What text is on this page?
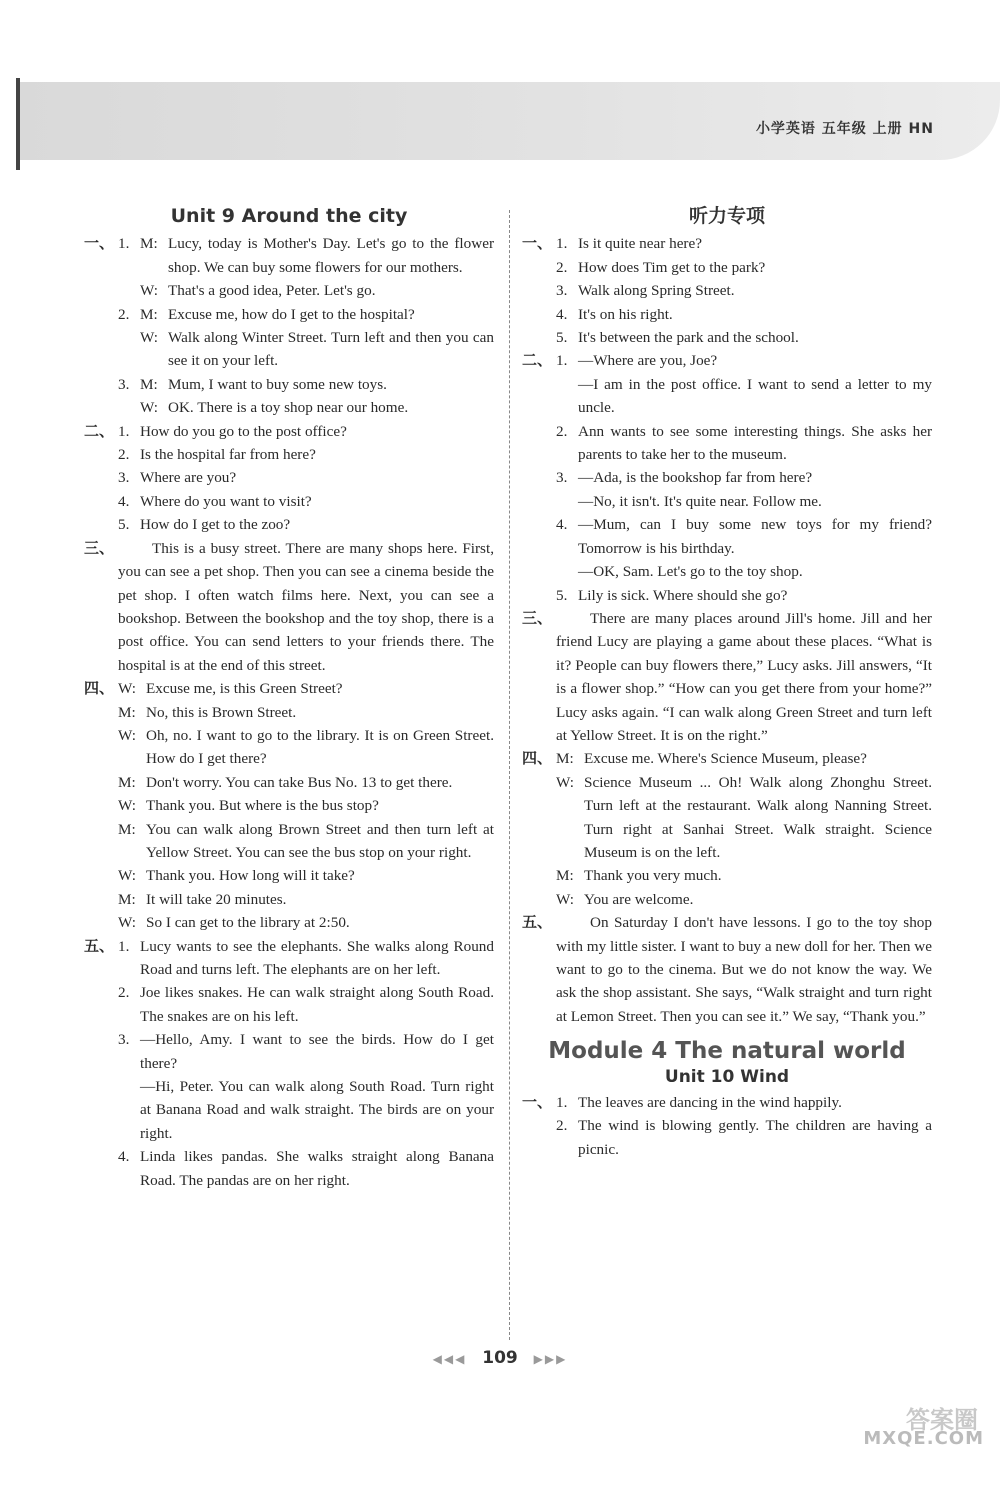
小学英语 五年级 上册 HN
Unit 9 Around the city
一、 1. M: Lucy, today is Mother's Day. Let's go to the flower shop. We can buy some flowers for our mothers.
W: That's a good idea, Peter. Let's go.
2. M: Excuse me, how do I get to the hospital?
W: Walk along Winter Street. Turn left and then you can see it on your left.
3. M: Mum, I want to buy some new toys.
W: OK. There is a toy shop near our home.
二、 1. How do you go to the post office?
2. Is the hospital far from here?
3. Where are you?
4. Where do you want to visit?
5. How do I get to the zoo?
三、	This is a busy street. There are many shops here. First, you can see a pet shop. Then you can see a cinema beside the pet shop. I often watch films here. Next, you can see a bookshop. Between the bookshop and the toy shop, there is a post office. You can send letters to your friends there. The hospital is at the end of this street.
四、 W: Excuse me, is this Green Street?
M: No, this is Brown Street.
W: Oh, no. I want to go to the library. It is on Green Street. How do I get there?
M: Don't worry. You can take Bus No. 13 to get there.
W: Thank you. But where is the bus stop?
M: You can walk along Brown Street and then turn left at Yellow Street. You can see the bus stop on your right.
W: Thank you. How long will it take?
M: It will take 20 minutes.
W: So I can get to the library at 2:50.
五、 1. Lucy wants to see the elephants. She walks along Round Road and turns left. The elephants are on her left.
2. Joe likes snakes. He can walk straight along South Road. The snakes are on his left.
3. —Hello, Amy. I want to see the birds. How do I get there?
—Hi, Peter. You can walk along South Road. Turn right at Banana Road and walk straight. The birds are on your right.
4. Linda likes pandas. She walks straight along Banana Road. The pandas are on her right.
听力专项
一、 1. Is it quite near here?
2. How does Tim get to the park?
3. Walk along Spring Street.
4. It's on his right.
5. It's between the park and the school.
二、 1. —Where are you, Joe?
—I am in the post office. I want to send a letter to my uncle.
2. Ann wants to see some interesting things. She asks her parents to take her to the museum.
3. —Ada, is the bookshop far from here?
—No, it isn't. It's quite near. Follow me.
4. —Mum, can I buy some new toys for my friend? Tomorrow is his birthday.
—OK, Sam. Let's go to the toy shop.
5. Lily is sick. Where should she go?
三、	There are many places around Jill's home. Jill and her friend Lucy are playing a game about these places. “What is it? People can buy flowers there,” Lucy asks. Jill answers, “It is a flower shop.” “How can you get there from your home?” Lucy asks again. “I can walk along Green Street and turn left at Yellow Street. It is on the right.”
四、 M: Excuse me. Where's Science Museum, please?
W: Science Museum ... Oh! Walk along Zhonghu Street. Turn left at the restaurant. Walk along Nanning Street. Turn right at Sanhai Street. Walk straight. Science Museum is on the left.
M: Thank you very much.
W: You are welcome.
五、	On Saturday I don't have lessons. I go to the toy shop with my little sister. I want to buy a new doll for her. Then we want to go to the cinema. But we do not know the way. We ask the shop assistant. She says, “Walk straight and turn right at Lemon Street. Then you can see it.” We say, “Thank you.”
Module 4 The natural world
Unit 10 Wind
一、 1. The leaves are dancing in the wind happily.
2. The wind is blowing gently. The children are having a picnic.
◀◀◀ 109 ▶▶▶
答案圈
MXQE.COM
